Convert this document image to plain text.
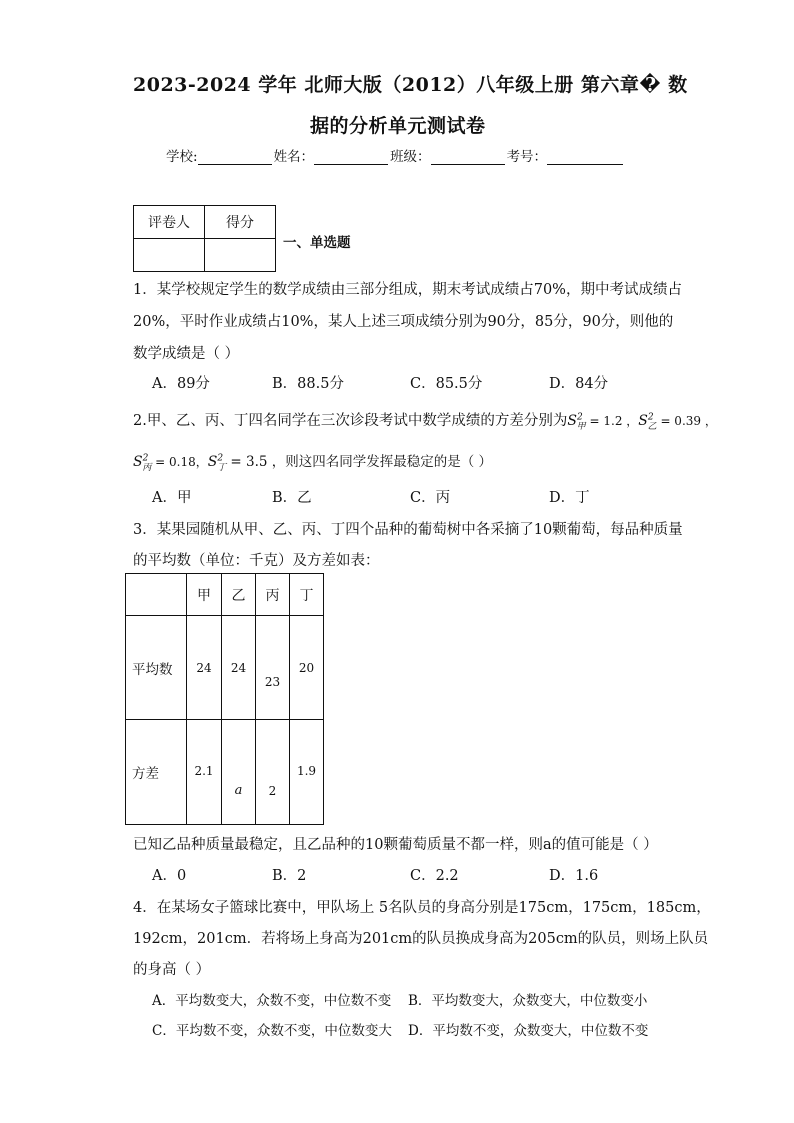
2023-2024 学年 北师大版（2012）八年级上册 第六章� 数
据的分析单元测试卷
学校:	姓名：	班级：	考号：
评卷人	得分

一、单选题
1．某学校规定学生的数学成绩由三部分组成，期末考试成绩占70%，期中考试成绩占
20%，平时作业成绩占10%，某人上述三项成绩分别为90分，85分，90分，则他的
数学成绩是（ ）
A．89分	B．88.5分	C．85.5分	D．84分
2.甲、乙、丙、丁四名同学在三次诊段考试中数学成绩的方差分别为$S^2_甲 = 1.2$ ，$S^2_乙 = 0.39$ ，
$S^2_丙 = 0.18$，$S^2_丁 = 3.5$ ，则这四名同学发挥最稳定的是（ ）
A．甲	B．乙	C．丙	D．丁
3．某果园随机从甲、乙、丙、丁四个品种的葡萄树中各采摘了10颗葡萄，每品种质量
的平均数（单位：千克）及方差如表：
	甲	乙	丙	丁
平均数	24	24	23	20
方差	2.1	a	2	1.9
已知乙品种质量最稳定，且乙品种的10颗葡萄质量不都一样，则a的值可能是（ ）
A．0	B．2	C．2.2	D．1.6
4．在某场女子篮球比赛中，甲队场上 5名队员的身高分别是175cm，175cm，185cm，
192cm，201cm．若将场上身高为201cm的队员换成身高为205cm的队员，则场上队员
的身高（ ）
A．平均数变大，众数不变，中位数不变 B．平均数变大，众数变大，中位数变小
C．平均数不变，众数不变，中位数变大 D．平均数不变，众数变大，中位数不变
